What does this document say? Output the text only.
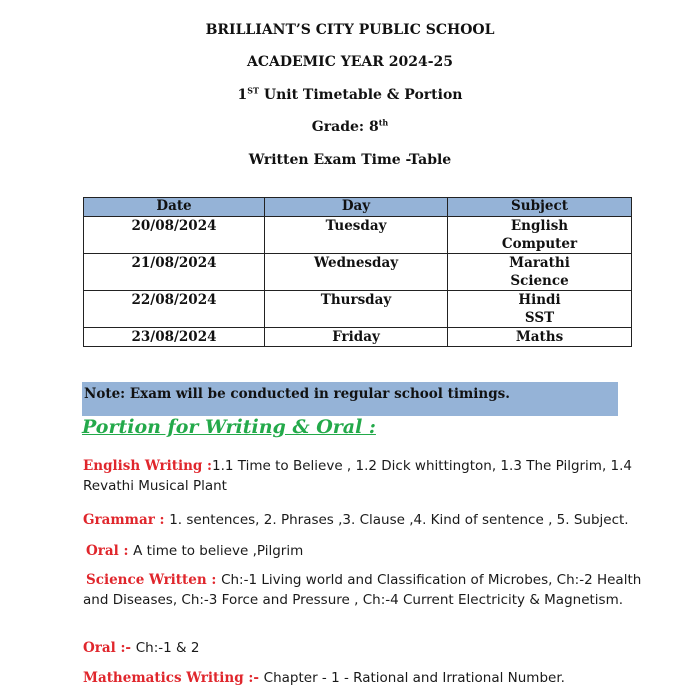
BRILLIANT’S CITY PUBLIC SCHOOL
ACADEMIC YEAR 2024-25
1ST Unit Timetable & Portion
Grade: 8th
Written Exam Time -Table
Date	Day	Subject
20/08/2024	Tuesday	English
Computer

21/08/2024	Wednesday	Marathi
Science

22/08/2024	Thursday	Hindi
SST

23/08/2024	Friday	Maths
Note: Exam will be conducted in regular school timings.
Portion for Writing & Oral :
English Writing :1.1 Time to Believe , 1.2 Dick whittington, 1.3 The Pilgrim, 1.4 Revathi Musical Plant
Grammar : 1. sentences, 2. Phrases ,3. Clause ,4. Kind of sentence , 5. Subject.
Oral : A time to believe ,Pilgrim
Science Written : Ch:-1 Living world and Classification of Microbes, Ch:-2 Health and Diseases, Ch:-3 Force and Pressure , Ch:-4 Current Electricity & Magnetism.
Oral :- Ch:-1 & 2
Mathematics Writing :- Chapter - 1 - Rational and Irrational Number.
